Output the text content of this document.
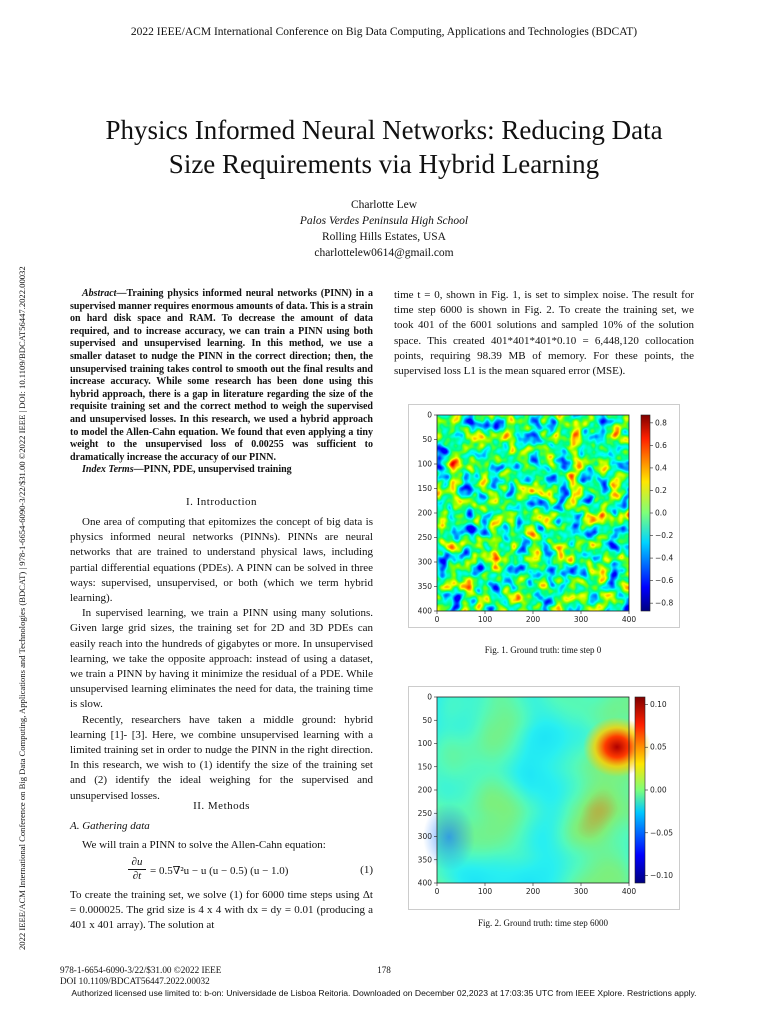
2022 IEEE/ACM International Conference on Big Data Computing, Applications and Technologies (BDCAT)
2022 IEEE/ACM International Conference on Big Data Computing, Applications and Technologies (BDCAT) | 978-1-6654-6090-3/22/$31.00 ©2022 IEEE | DOI: 10.1109/BDCAT56447.2022.00032
Physics Informed Neural Networks: Reducing Data
Size Requirements via Hybrid Learning
Charlotte Lew
Palos Verdes Peninsula High School
Rolling Hills Estates, USA
charlottelew0614@gmail.com

Abstract—Training physics informed neural networks (PINN) in a supervised manner requires enormous amounts of data. This is a strain on hard disk space and RAM. To decrease the amount of data required, and to increase accuracy, we can train a PINN using both supervised and unsupervised learning. In this method, we use a smaller dataset to nudge the PINN in the correct direction; then, the unsupervised training takes control to smooth out the final results and increase accuracy. While some research has been done using this hybrid approach, there is a gap in literature regarding the size of the requisite training set and the correct method to weigh the supervised and unsupervised losses. In this research, we used a hybrid approach to model the Allen-Cahn equation. We found that even applying a tiny weight to the unsupervised loss of 0.00255 was sufficient to dramatically increase the accuracy of our PINN.

Index Terms—PINN, PDE, unsupervised training

I. Introduction

One area of computing that epitomizes the concept of big data is physics informed neural networks (PINNs). PINNs are neural networks that are trained to understand physical laws, including partial differential equations (PDEs). A PINN can be solved in three ways: supervised, unsupervised, or both (which we term hybrid learning).

In supervised learning, we train a PINN using many solutions. Given large grid sizes, the training set for 2D and 3D PDEs can easily reach into the hundreds of gigabytes or more. In unsupervised learning, we take the opposite approach: instead of using a dataset, we train a PINN by having it minimize the residual of a PDE. While unsupervised learning eliminates the need for data, the training time is slow.

Recently, researchers have taken a middle ground: hybrid learning [1]- [3]. Here, we combine unsupervised learning with a limited training set in order to nudge the PINN in the right direction. In this research, we wish to (1) identify the size of the training set and (2) identify the ideal weighing for the supervised and unsupervised losses.

II. Methods
A. Gathering data

We will train a PINN to solve the Allen-Cahn equation:

$\frac{\partial u}{\partial t} = 0.5\nabla^2u - u$ (u − 0.5) (u − 1.0)	(1)

To create the training set, we solve (1) for 6000 time steps using Δt = 0.000025. The grid size is 4 x 4 with dx = dy = 0.01 (producing a 401 x 401 array). The solution at

time t = 0, shown in Fig. 1, is set to simplex noise. The result for time step 6000 is shown in Fig. 2. To create the training set, we took 401 of the 6001 solutions and sampled 10% of the solution space. This created 401*401*401*0.10 = 6,448,120 collocation points, requiring 98.39 MB of memory. For these points, the supervised loss L1 is the mean squared error (MSE).

0
50
100
150
200
250
300
350
400
0	100	200	300	400
0.8
0.6
0.4
0.2
0.0
−0.2
−0.4
−0.6
−0.8
Fig. 1. Ground truth: time step 0
0
50
100
150
200
250
300
350
400
0	100	200	300	400
0.10
0.05
0.00
−0.05
−0.10
Fig. 2. Ground truth: time step 6000
978-1-6654-6090-3/22/$31.00 ©2022 IEEE
DOI 10.1109/BDCAT56447.2022.00032
178
Authorized licensed use limited to: b-on: Universidade de Lisboa Reitoria. Downloaded on December 02,2023 at 17:03:35 UTC from IEEE Xplore. Restrictions apply.
